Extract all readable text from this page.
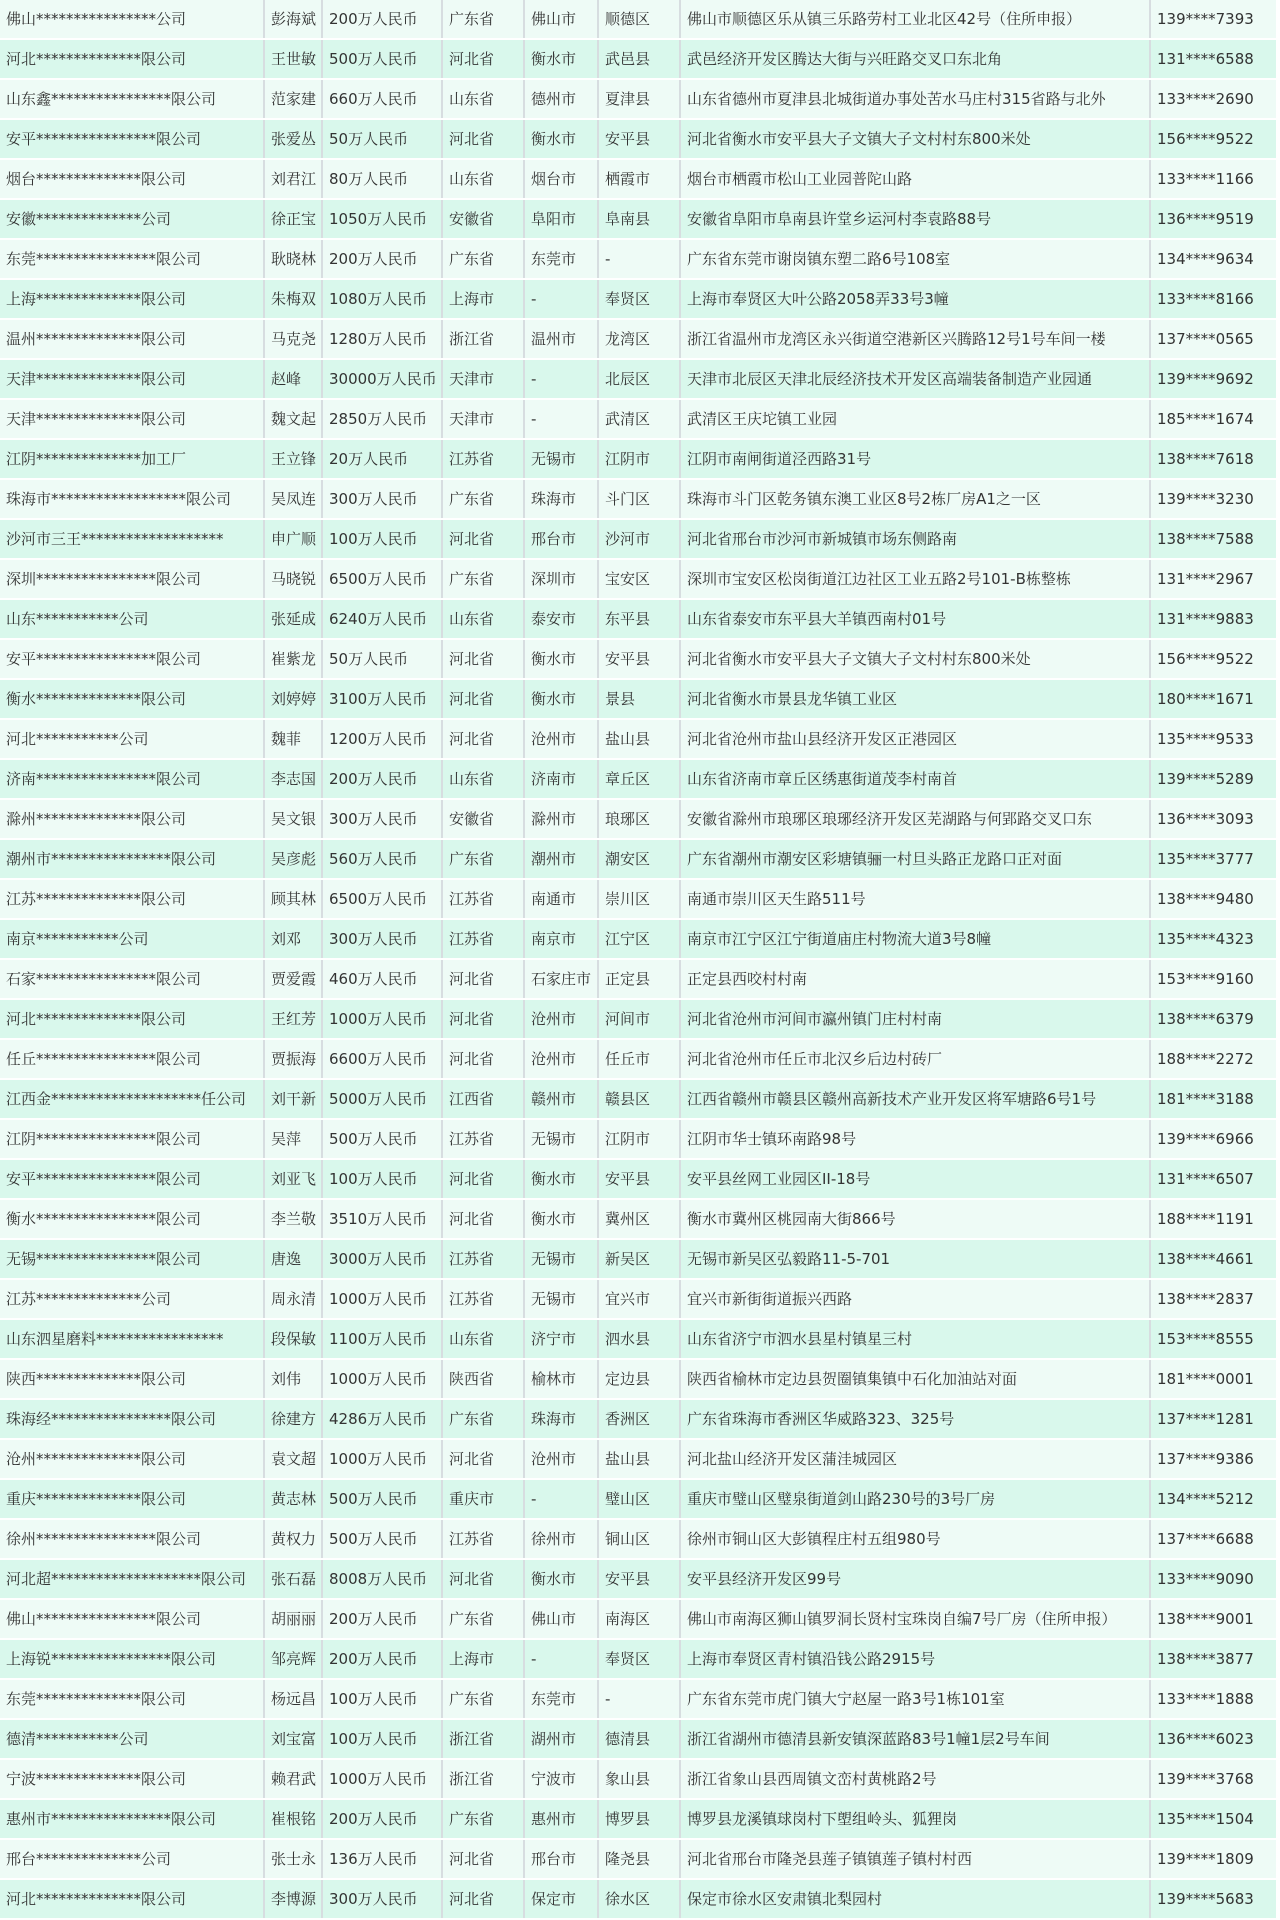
佛山****************公司	彭海斌	200万人民币	广东省	佛山市	顺德区	佛山市顺德区乐从镇三乐路劳村工业北区42号（住所申报）	139****7393
河北**************限公司	王世敏	500万人民币	河北省	衡水市	武邑县	武邑经济开发区腾达大街与兴旺路交叉口东北角	131****6588
山东鑫****************限公司	范家建	660万人民币	山东省	德州市	夏津县	山东省德州市夏津县北城街道办事处苦水马庄村315省路与北外	133****2690
安平****************限公司	张爱丛	50万人民币	河北省	衡水市	安平县	河北省衡水市安平县大子文镇大子文村村东800米处	156****9522
烟台**************限公司	刘君江	80万人民币	山东省	烟台市	栖霞市	烟台市栖霞市松山工业园普陀山路	133****1166
安徽**************公司	徐正宝	1050万人民币	安徽省	阜阳市	阜南县	安徽省阜阳市阜南县许堂乡运河村李袁路88号	136****9519
东莞****************限公司	耿晓林	200万人民币	广东省	东莞市	-	广东省东莞市谢岗镇东塑二路6号108室	134****9634
上海**************限公司	朱梅双	1080万人民币	上海市	-	奉贤区	上海市奉贤区大叶公路2058弄33号3幢	133****8166
温州**************限公司	马克尧	1280万人民币	浙江省	温州市	龙湾区	浙江省温州市龙湾区永兴街道空港新区兴腾路12号1号车间一楼	137****0565
天津**************限公司	赵峰	30000万人民币	天津市	-	北辰区	天津市北辰区天津北辰经济技术开发区高端装备制造产业园通	139****9692
天津**************限公司	魏文起	2850万人民币	天津市	-	武清区	武清区王庆坨镇工业园	185****1674
江阴**************加工厂	王立锋	20万人民币	江苏省	无锡市	江阴市	江阴市南闸街道泾西路31号	138****7618
珠海市******************限公司	吴凤连	300万人民币	广东省	珠海市	斗门区	珠海市斗门区乾务镇东澳工业区8号2栋厂房A1之一区	139****3230
沙河市三王*******************	申广顺	100万人民币	河北省	邢台市	沙河市	河北省邢台市沙河市新城镇市场东侧路南	138****7588
深圳****************限公司	马晓锐	6500万人民币	广东省	深圳市	宝安区	深圳市宝安区松岗街道江边社区工业五路2号101-B栋整栋	131****2967
山东***********公司	张延成	6240万人民币	山东省	泰安市	东平县	山东省泰安市东平县大羊镇西南村01号	131****9883
安平****************限公司	崔紫龙	50万人民币	河北省	衡水市	安平县	河北省衡水市安平县大子文镇大子文村村东800米处	156****9522
衡水**************限公司	刘婷婷	3100万人民币	河北省	衡水市	景县	河北省衡水市景县龙华镇工业区	180****1671
河北***********公司	魏菲	1200万人民币	河北省	沧州市	盐山县	河北省沧州市盐山县经济开发区正港园区	135****9533
济南****************限公司	李志国	200万人民币	山东省	济南市	章丘区	山东省济南市章丘区绣惠街道茂李村南首	139****5289
滁州**************限公司	吴文银	300万人民币	安徽省	滁州市	琅琊区	安徽省滁州市琅琊区琅琊经济开发区芜湖路与何郢路交叉口东	136****3093
潮州市****************限公司	吴彦彪	560万人民币	广东省	潮州市	潮安区	广东省潮州市潮安区彩塘镇骊一村旦头路正龙路口正对面	135****3777
江苏**************限公司	顾其林	6500万人民币	江苏省	南通市	崇川区	南通市崇川区天生路511号	138****9480
南京***********公司	刘邓	300万人民币	江苏省	南京市	江宁区	南京市江宁区江宁街道庙庄村物流大道3号8幢	135****4323
石家****************限公司	贾爱霞	460万人民币	河北省	石家庄市	正定县	正定县西咬村村南	153****9160
河北**************限公司	王红芳	1000万人民币	河北省	沧州市	河间市	河北省沧州市河间市瀛州镇门庄村村南	138****6379
任丘****************限公司	贾振海	6600万人民币	河北省	沧州市	任丘市	河北省沧州市任丘市北汉乡后边村砖厂	188****2272
江西金********************任公司	刘干新	5000万人民币	江西省	赣州市	赣县区	江西省赣州市赣县区赣州高新技术产业开发区将军塘路6号1号	181****3188
江阴****************限公司	吴萍	500万人民币	江苏省	无锡市	江阴市	江阴市华士镇环南路98号	139****6966
安平****************限公司	刘亚飞	100万人民币	河北省	衡水市	安平县	安平县丝网工业园区II-18号	131****6507
衡水****************限公司	李兰敬	3510万人民币	河北省	衡水市	冀州区	衡水市冀州区桃园南大街866号	188****1191
无锡****************限公司	唐逸	3000万人民币	江苏省	无锡市	新吴区	无锡市新吴区弘毅路11-5-701	138****4661
江苏**************公司	周永清	1000万人民币	江苏省	无锡市	宜兴市	宜兴市新街街道振兴西路	138****2837
山东泗星磨料*****************	段保敏	1100万人民币	山东省	济宁市	泗水县	山东省济宁市泗水县星村镇星三村	153****8555
陕西**************限公司	刘伟	1000万人民币	陕西省	榆林市	定边县	陕西省榆林市定边县贺圈镇集镇中石化加油站对面	181****0001
珠海经****************限公司	徐建方	4286万人民币	广东省	珠海市	香洲区	广东省珠海市香洲区华威路323、325号	137****1281
沧州**************限公司	袁文超	1000万人民币	河北省	沧州市	盐山县	河北盐山经济开发区蒲洼城园区	137****9386
重庆**************限公司	黄志林	500万人民币	重庆市	-	璧山区	重庆市璧山区璧泉街道剑山路230号的3号厂房	134****5212
徐州****************限公司	黄权力	500万人民币	江苏省	徐州市	铜山区	徐州市铜山区大彭镇程庄村五组980号	137****6688
河北超********************限公司	张石磊	8008万人民币	河北省	衡水市	安平县	安平县经济开发区99号	133****9090
佛山****************限公司	胡丽丽	200万人民币	广东省	佛山市	南海区	佛山市南海区狮山镇罗洞长贤村宝珠岗自编7号厂房（住所申报）	138****9001
上海锐****************限公司	邹亮辉	200万人民币	上海市	-	奉贤区	上海市奉贤区青村镇沿钱公路2915号	138****3877
东莞**************限公司	杨远昌	100万人民币	广东省	东莞市	-	广东省东莞市虎门镇大宁赵屋一路3号1栋101室	133****1888
德清***********公司	刘宝富	100万人民币	浙江省	湖州市	德清县	浙江省湖州市德清县新安镇深蓝路83号1幢1层2号车间	136****6023
宁波**************限公司	赖君武	1000万人民币	浙江省	宁波市	象山县	浙江省象山县西周镇文峦村黄桃路2号	139****3768
惠州市****************限公司	崔根铭	200万人民币	广东省	惠州市	博罗县	博罗县龙溪镇球岗村下塱组岭头、狐狸岗	135****1504
邢台**************公司	张士永	136万人民币	河北省	邢台市	隆尧县	河北省邢台市隆尧县莲子镇镇莲子镇村村西	139****1809
河北**************限公司	李博源	300万人民币	河北省	保定市	徐水区	保定市徐水区安肃镇北梨园村	139****5683
